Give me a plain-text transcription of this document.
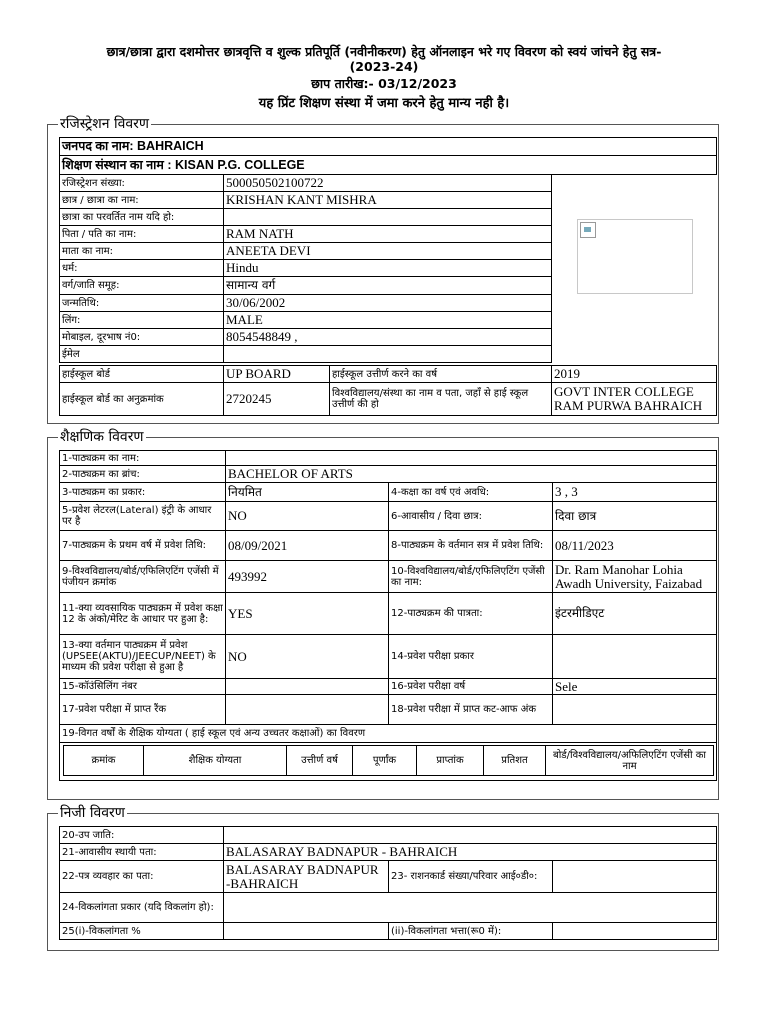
छात्र/छात्रा द्वारा दशमोत्तर छात्रवृत्ति व शुल्क प्रतिपूर्ति (नवीनीकरण) हेतु ऑनलाइन भरे गए विवरण को स्वयं जांचने हेतु सत्र-
(2023-24)
छाप तारीख:- 03/12/2023
यह प्रिंट शिक्षण संस्था में जमा करने हेतु मान्य नही है।
रजिस्ट्रेशन विवरण
जनपद का नाम: BAHRAICH
शिक्षण संस्थान का नाम : KISAN P.G. COLLEGE
रजिस्ट्रेशन संख्या:	500050502100722
छात्र / छात्रा का नाम:	KRISHAN KANT MISHRA
छात्रा का परवर्तित नाम यदि हो:	
पिता / पति का नाम:	RAM NATH
माता का नाम:	ANEETA DEVI
धर्म:	Hindu
वर्ग/जाति समूह:	सामान्य वर्ग
जन्मतिथि:	30/06/2002
लिंग:	MALE
मोबाइल, दूरभाष नं0:	8054548849 ,
ईमेल	
हाईस्कूल बोर्ड	UP BOARD	हाईस्कूल उत्तीर्ण करने का वर्ष	2019
हाईस्कूल बोर्ड का अनुक्रमांक	2720245	विश्वविद्यालय/संस्था का नाम व पता, जहाँ से हाई स्कूल उत्तीर्ण की हो	GOVT INTER COLLEGE RAM PURWA BAHRAICH
शैक्षणिक विवरण
1-पाठ्यक्रम का नाम:	
2-पाठ्यक्रम का ब्रांच:	BACHELOR OF ARTS
3-पाठ्यक्रम का प्रकार:	नियमित	4-कक्षा का वर्ष एवं अवधि:	3 , 3
5-प्रवेश लेटरल(Lateral) इंट्री के आधार पर है	NO	6-आवासीय / दिवा छात्र:	दिवा छात्र
7-पाठ्यक्रम के प्रथम वर्ष में प्रवेश तिथि:	08/09/2021	8-पाठ्यक्रम के वर्तमान सत्र में प्रवेश तिथि:	08/11/2023
9-विश्वविद्यालय/बोर्ड/एफिलिएटिंग एजेंसी में पंजीयन क्रमांक	493992	10-विश्वविद्यालय/बोर्ड/एफिलिएटिंग एजेंसी का नाम:	Dr. Ram Manohar Lohia Awadh University, Faizabad
11-क्या व्यवसायिक पाठ्यक्रम में प्रवेश कक्षा 12 के अंको/मेरिट के आधार पर हुआ है:	YES	12-पाठ्यक्रम की पात्रता:	इंटरमीडिएट
13-क्या वर्तमान पाठ्यक्रम में प्रवेश (UPSEE(AKTU)/JEECUP/NEET) के माध्यम की प्रवेश परीक्षा से हुआ है	NO	14-प्रवेश परीक्षा प्रकार	
15-कॉउंसिलिंग नंबर		16-प्रवेश परीक्षा वर्ष	Sele
17-प्रवेश परीक्षा में प्राप्त रैंक		18-प्रवेश परीक्षा में प्राप्त कट-आफ अंक	
19-विगत वर्षों के शैक्षिक योग्यता ( हाई स्कूल एवं अन्य उच्चतर कक्षाओं) का विवरण

क्रमांक	शैक्षिक योग्यता	उत्तीर्ण वर्ष	पूर्णांक	प्राप्तांक	प्रतिशत	बोर्ड/विश्वविद्यालय/अफिलिएटिंग एजेंसी का नाम
निजी विवरण
20-उप जाति:			
21-आवासीय स्थायी पता:	BALASARAY BADNAPUR - BAHRAICH		
22-पत्र व्यवहार का पता:	BALASARAY BADNAPUR -BAHRAICH	23- राशनकार्ड संख्या/परिवार आई०डी०:	
24-विकलांगता प्रकार (यदि विकलांग हो):			
25(i)-विकलांगता %		(ii)-विकलांगता भत्ता(रू0 में):	
